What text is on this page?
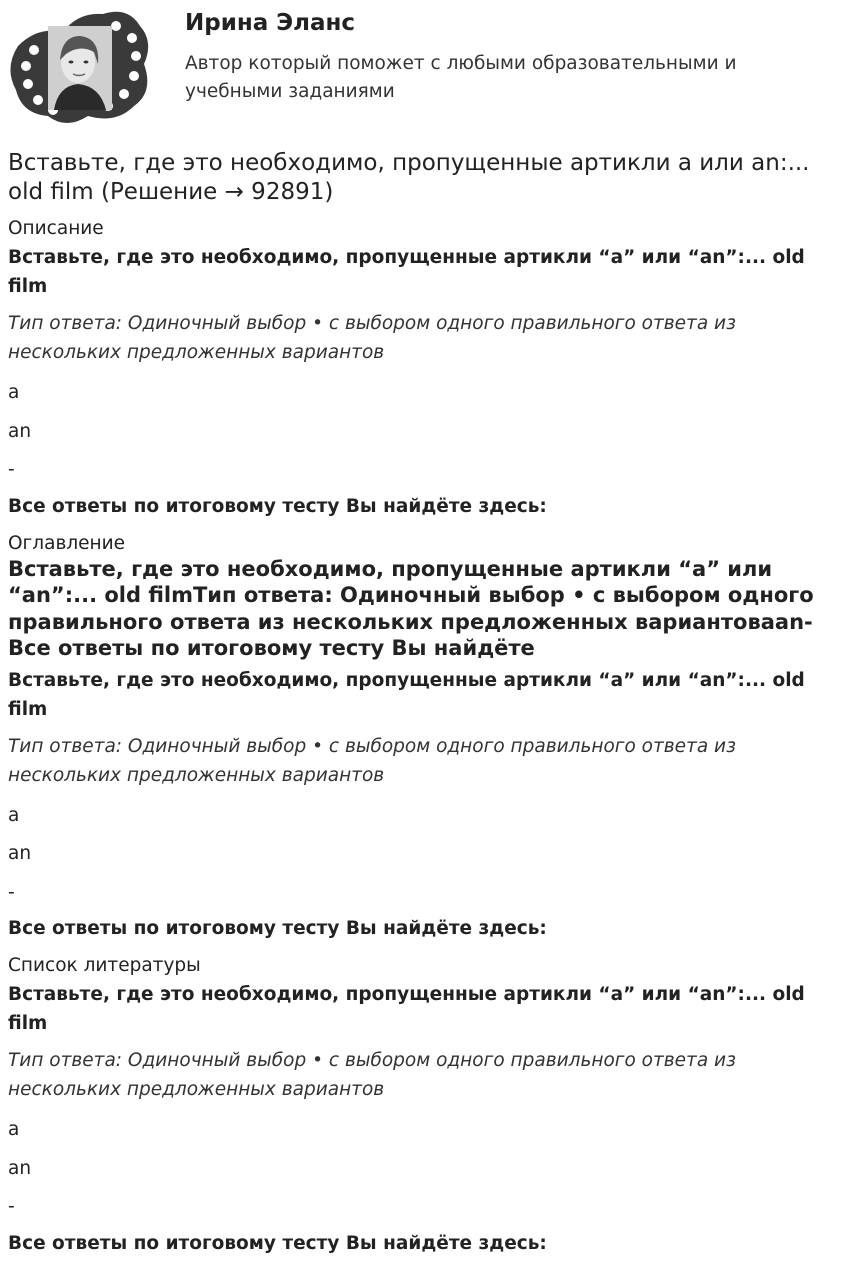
Ирина Эланс

Автор который поможет с любыми образовательными и учебными заданиями

Вставьте, где это необходимо, пропущенные артикли a или an:... old film (Решение → 92891)

Описание

Вставьте, где это необходимо, пропущенные артикли “a” или “an”:... old film

Тип ответа: Одиночный выбор • с выбором одного правильного ответа из нескольких предложенных вариантов

a

an

-

Все ответы по итоговому тесту Вы найдёте здесь:

Оглавление

Вставьте, где это необходимо, пропущенные артикли “a” или “an”:... old filmТип ответа: Одиночный выбор • с выбором одного правильного ответа из нескольких предложенных вариантоваan-Все ответы по итоговому тесту Вы найдёте

Вставьте, где это необходимо, пропущенные артикли “a” или “an”:... old film

Тип ответа: Одиночный выбор • с выбором одного правильного ответа из нескольких предложенных вариантов

a

an

-

Все ответы по итоговому тесту Вы найдёте здесь:

Список литературы

Вставьте, где это необходимо, пропущенные артикли “a” или “an”:... old film

Тип ответа: Одиночный выбор • с выбором одного правильного ответа из нескольких предложенных вариантов

a

an

-

Все ответы по итоговому тесту Вы найдёте здесь:
